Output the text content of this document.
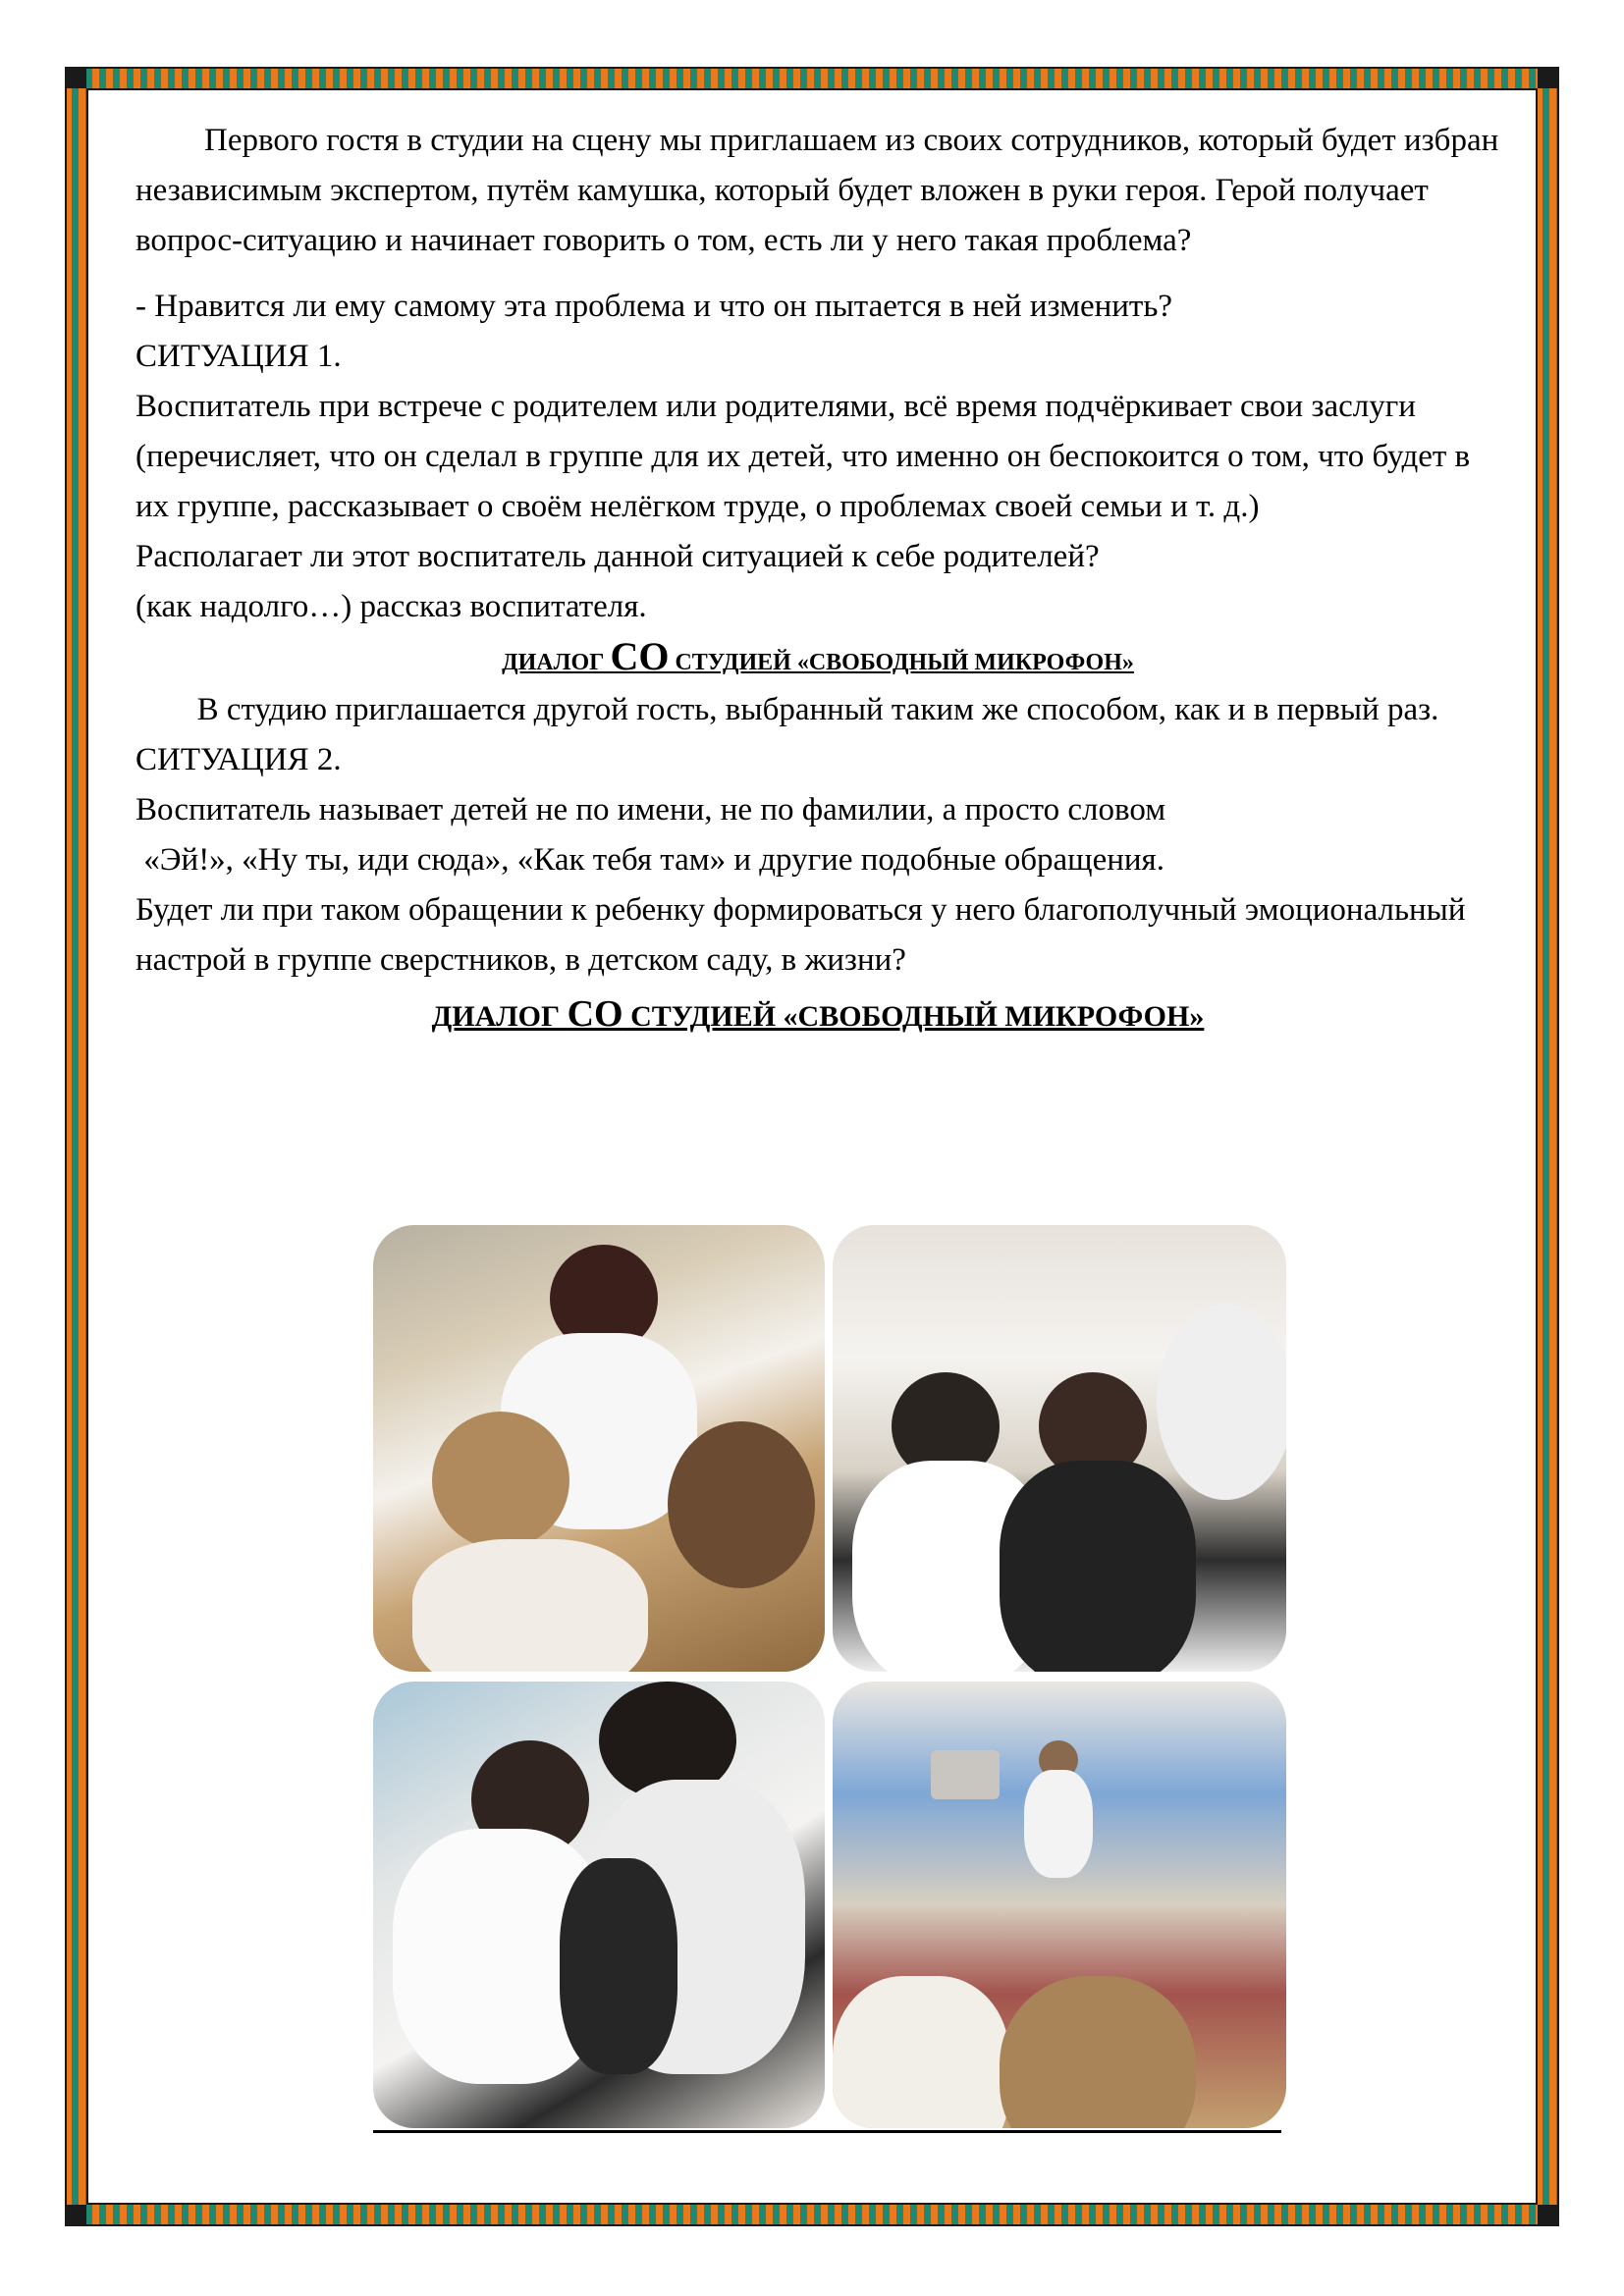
Первого гостя в студии на сцену мы приглашаем из своих сотрудников, который будет избран независимым экспертом, путём камушка, который будет вложен в руки героя. Герой получает вопрос-ситуацию и начинает говорить о том, есть ли у него такая проблема?

- Нравится ли ему самому эта проблема и что он пытается в ней изменить?

СИТУАЦИЯ 1.

Воспитатель при встрече с родителем или родителями, всё время подчёркивает свои заслуги (перечисляет, что он сделал в группе для их детей, что именно он беспокоится о том, что будет в их группе, рассказывает о своём нелёгком труде, о проблемах своей семьи и т. д.)

Располагает ли этот воспитатель данной ситуацией к себе родителей?

(как надолго…) рассказ воспитателя.

ДИАЛОГ СО СТУДИЕЙ «СВОБОДНЫЙ МИКРОФОН»

В студию приглашается другой гость, выбранный таким же способом, как и в первый раз.

СИТУАЦИЯ 2.

Воспитатель называет детей не по имени, не по фамилии, а просто словом

«Эй!», «Ну ты, иди сюда», «Как тебя там» и другие подобные обращения.

Будет ли при таком обращении к ребенку формироваться у него благополучный эмоциональный настрой в группе сверстников, в детском саду, в жизни?

ДИАЛОГ СО СТУДИЕЙ «СВОБОДНЫЙ МИКРОФОН»
